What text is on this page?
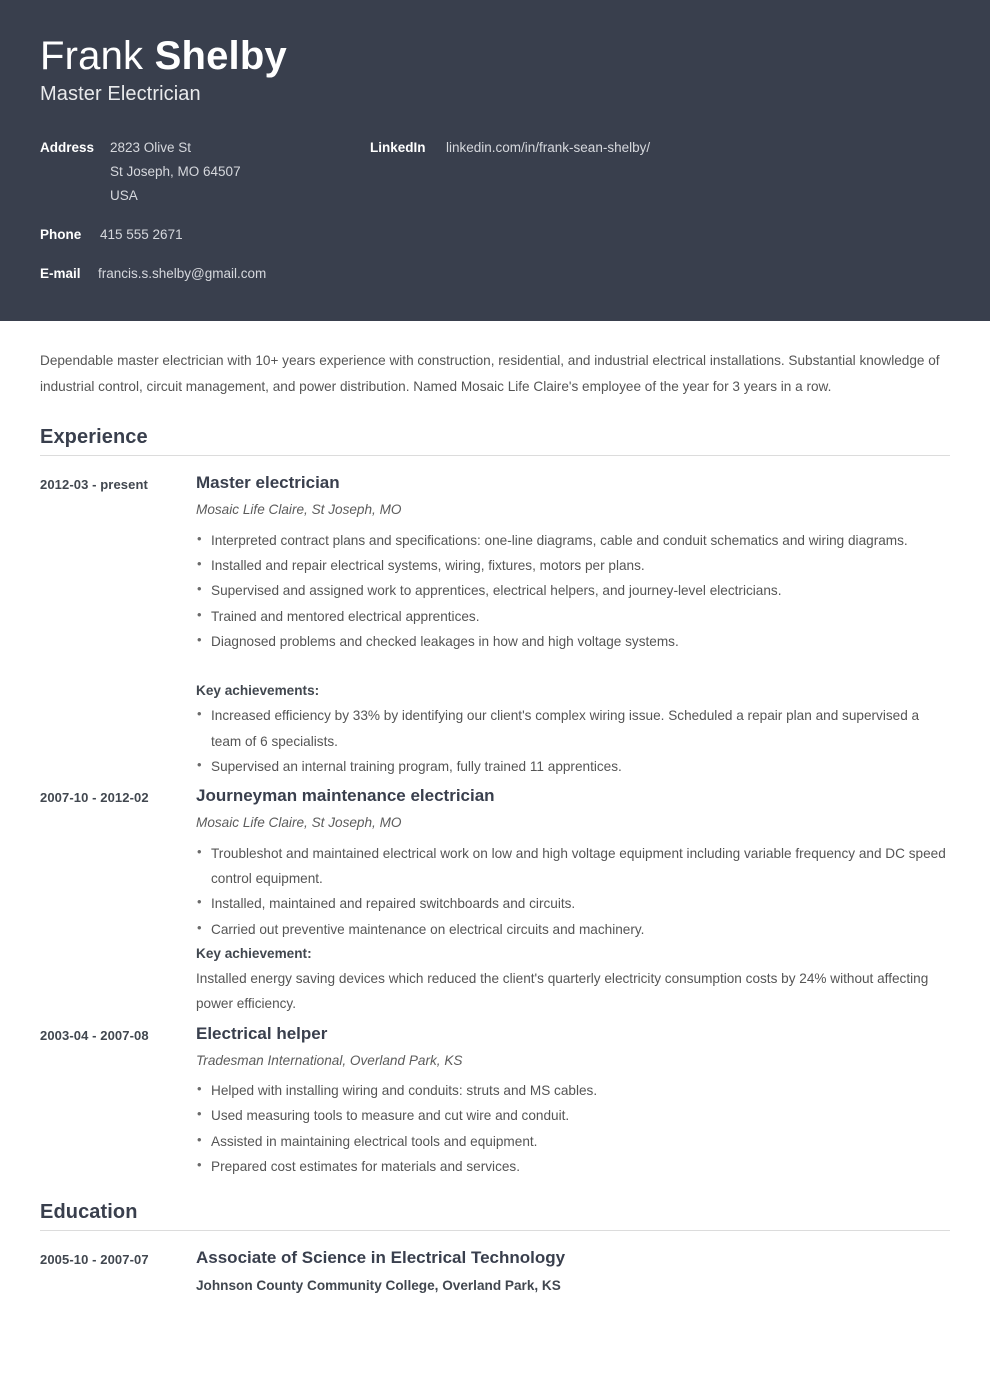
Frank Shelby
Master Electrician
Address	2823 Olive St
St Joseph, MO 64507
USA
Phone	415 555 2671
E-mail	francis.s.shelby@gmail.com
LinkedIn	linkedin.com/in/frank-sean-shelby/

Dependable master electrician with 10+ years experience with construction, residential, and industrial electrical installations. Substantial knowledge of industrial control, circuit management, and power distribution. Named Mosaic Life Claire's employee of the year for 3 years in a row.

Experience
2012-03 - present	Master electrician
Mosaic Life Claire, St Joseph, MO
• Interpreted contract plans and specifications: one-line diagrams, cable and conduit schematics and wiring diagrams.
• Installed and repair electrical systems, wiring, fixtures, motors per plans.
• Supervised and assigned work to apprentices, electrical helpers, and journey-level electricians.
• Trained and mentored electrical apprentices.
• Diagnosed problems and checked leakages in how and high voltage systems.
Key achievements:
• Increased efficiency by 33% by identifying our client's complex wiring issue. Scheduled a repair plan and supervised a team of 6 specialists.
• Supervised an internal training program, fully trained 11 apprentices.
2007-10 - 2012-02	Journeyman maintenance electrician
Mosaic Life Claire, St Joseph, MO
• Troubleshot and maintained electrical work on low and high voltage equipment including variable frequency and DC speed control equipment.
• Installed, maintained and repaired switchboards and circuits.
• Carried out preventive maintenance on electrical circuits and machinery.
Key achievement:

Installed energy saving devices which reduced the client's quarterly electricity consumption costs by 24% without affecting power efficiency.

2003-04 - 2007-08	Electrical helper
Tradesman International, Overland Park, KS
• Helped with installing wiring and conduits: struts and MS cables.
• Used measuring tools to measure and cut wire and conduit.
• Assisted in maintaining electrical tools and equipment.
• Prepared cost estimates for materials and services.
Education
2005-10 - 2007-07	Associate of Science in Electrical Technology
Johnson County Community College, Overland Park, KS
